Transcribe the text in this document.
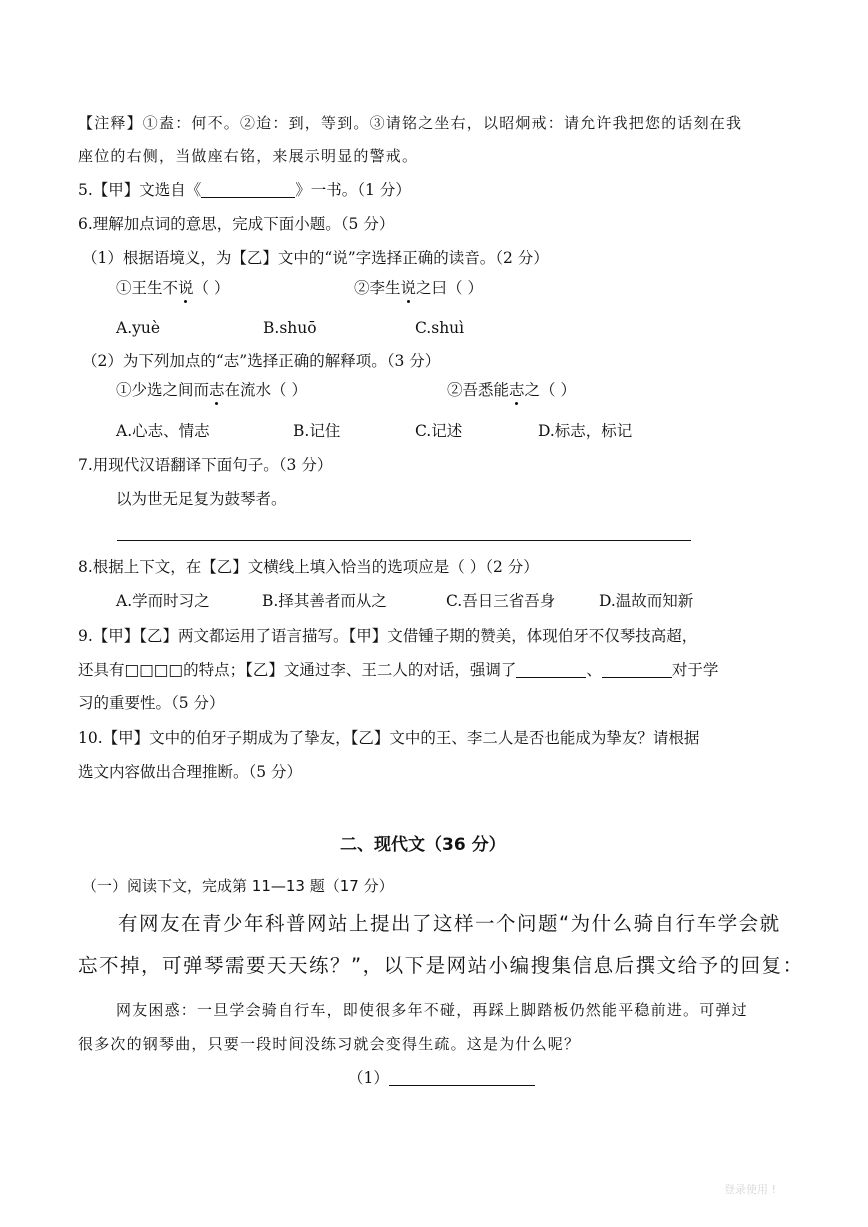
【注释】①盍：何不。②迨：到，等到。③请铭之坐右，以昭炯戒：请允许我把您的话刻在我
座位的右侧，当做座右铭，来展示明显的警戒。
5.【甲】文选自《	》一书。（1 分）
6.理解加点词的意思，完成下面小题。（5 分）
（1）根据语境义，为【乙】文中的“说”字选择正确的读音。（2 分）
①王生不说（ ）	②李生说之曰（ ）
A.yuè	B.shuō	C.shuì
（2）为下列加点的“志”选择正确的解释项。（3 分）
①少选之间而志在流水（ ）	②吾悉能志之（ ）
A.心志、情志	B.记住	C.记述	D.标志，标记
7.用现代汉语翻译下面句子。（3 分）
以为世无足复为鼓琴者。
8.根据上下文，在【乙】文横线上填入恰当的选项应是（ ）（2 分）
A.学而时习之	B.择其善者而从之	C.吾日三省吾身	D.温故而知新
9.【甲】【乙】两文都运用了语言描写。【甲】文借锺子期的赞美，体现伯牙不仅琴技高超，
还具有□□□□的特点；【乙】文通过李、王二人的对话，强调了	、	对于学
习的重要性。（5 分）
10.【甲】文中的伯牙子期成为了挚友，【乙】文中的王、李二人是否也能成为挚友？请根据
选文内容做出合理推断。（5 分）
二、现代文（36 分）
（一）阅读下文，完成第 11—13 题（17 分）
有网友在青少年科普网站上提出了这样一个问题“为什么骑自行车学会就
忘不掉，可弹琴需要天天练？”，以下是网站小编搜集信息后撰文给予的回复：
网友困惑：一旦学会骑自行车，即使很多年不碰，再踩上脚踏板仍然能平稳前进。可弹过
很多次的钢琴曲，只要一段时间没练习就会变得生疏。这是为什么呢？
（1）
登录使用 !
